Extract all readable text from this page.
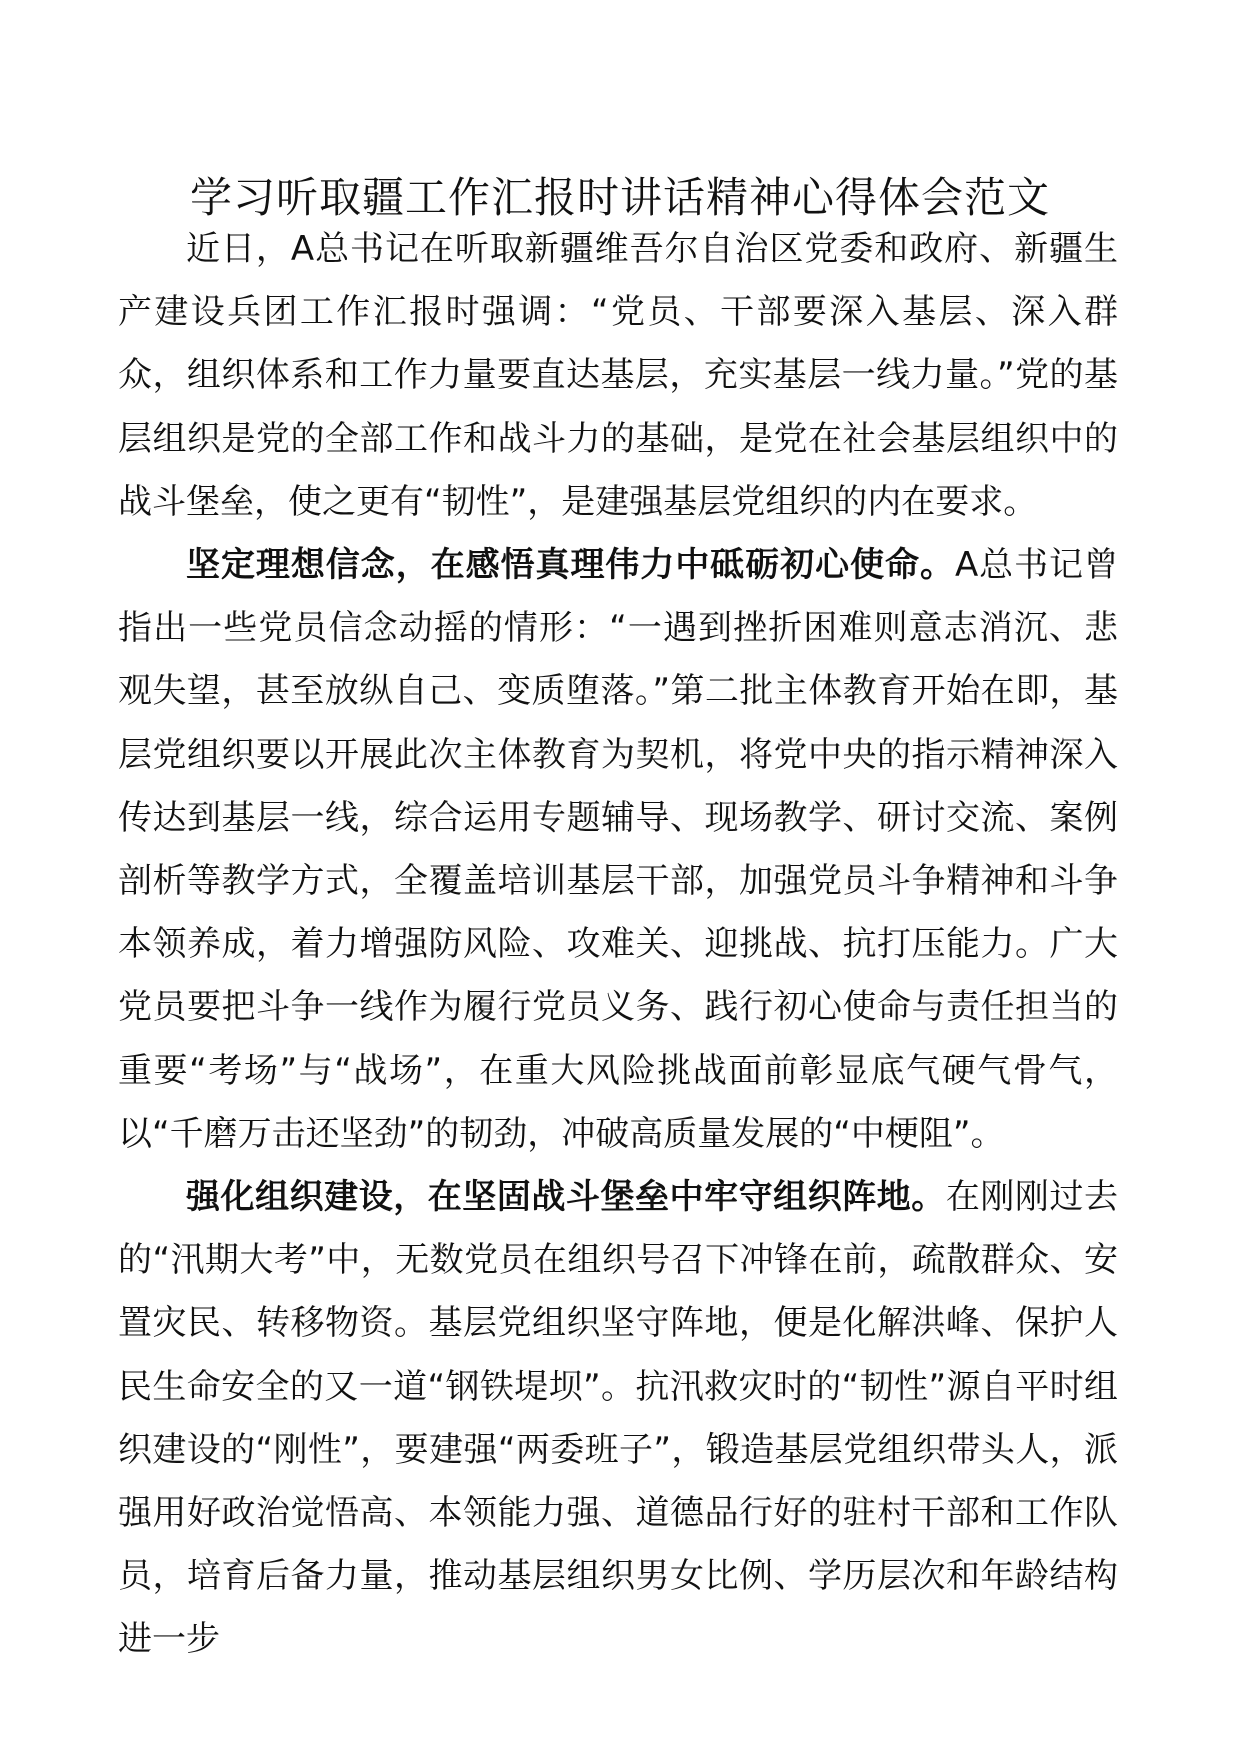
学习听取疆工作汇报时讲话精神心得体会范文

近日，A总书记在听取新疆维吾尔自治区党委和政府、新疆生产建设兵团工作汇报时强调：“党员、干部要深入基层、深入群众，组织体系和工作力量要直达基层，充实基层一线力量。”党的基层组织是党的全部工作和战斗力的基础，是党在社会基层组织中的战斗堡垒，使之更有“韧性”，是建强基层党组织的内在要求。

坚定理想信念，在感悟真理伟力中砥砺初心使命。A总书记曾指出一些党员信念动摇的情形：“一遇到挫折困难则意志消沉、悲观失望，甚至放纵自己、变质堕落。”第二批主体教育开始在即，基层党组织要以开展此次主体教育为契机，将党中央的指示精神深入传达到基层一线，综合运用专题辅导、现场教学、研讨交流、案例剖析等教学方式，全覆盖培训基层干部，加强党员斗争精神和斗争本领养成，着力增强防风险、攻难关、迎挑战、抗打压能力。广大党员要把斗争一线作为履行党员义务、践行初心使命与责任担当的重要“考场”与“战场”，在重大风险挑战面前彰显底气硬气骨气，以“千磨万击还坚劲”的韧劲，冲破高质量发展的“中梗阻”。

强化组织建设，在坚固战斗堡垒中牢守组织阵地。在刚刚过去的“汛期大考”中，无数党员在组织号召下冲锋在前，疏散群众、安置灾民、转移物资。基层党组织坚守阵地，便是化解洪峰、保护人民生命安全的又一道“钢铁堤坝”。抗汛救灾时的“韧性”源自平时组织建设的“刚性”，要建强“两委班子”，锻造基层党组织带头人，派强用好政治觉悟高、本领能力强、道德品行好的驻村干部和工作队员，培育后备力量，推动基层组织男女比例、学历层次和年龄结构进一步
